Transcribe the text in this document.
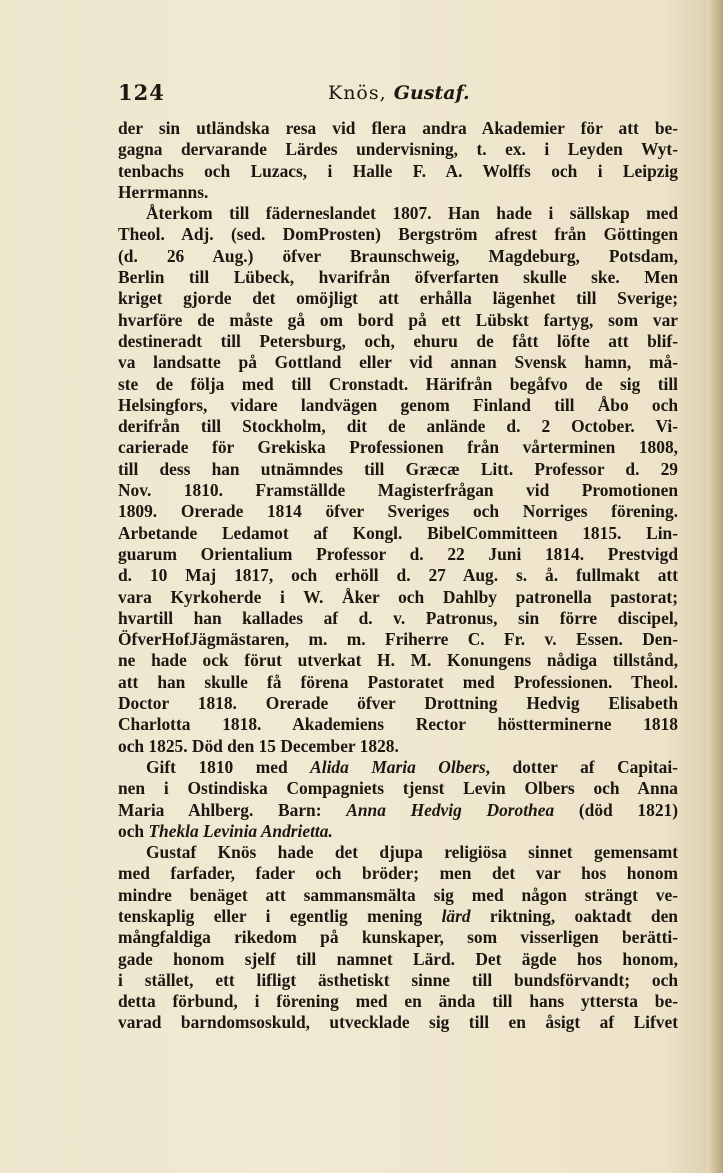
124	Knös, Gustaf.
der sin utländska resa vid flera andra Akademier för att be-
gagna dervarande Lärdes undervisning, t. ex. i Leyden Wyt-
tenbachs och Luzacs, i Halle F. A. Wolffs och i Leipzig
Herrmanns.
Återkom till fäderneslandet 1807. Han hade i sällskap med
Theol. Adj. (sed. DomProsten) Bergström afrest från Göttingen
(d. 26 Aug.) öfver Braunschweig, Magdeburg, Potsdam,
Berlin till Lübeck, hvarifrån öfverfarten skulle ske. Men
kriget gjorde det omöjligt att erhålla lägenhet till Sverige;
hvarföre de måste gå om bord på ett Lübskt fartyg, som var
destineradt till Petersburg, och, ehuru de fått löfte att blif-
va landsatte på Gottland eller vid annan Svensk hamn, må-
ste de följa med till Cronstadt. Härifrån begåfvo de sig till
Helsingfors, vidare landvägen genom Finland till Åbo och
derifrån till Stockholm, dit de anlände d. 2 October. Vi-
carierade för Grekiska Professionen från vårterminen 1808,
till dess han utnämndes till Græcæ Litt. Professor d. 29
Nov. 1810. Framställde Magisterfrågan vid Promotionen
1809. Orerade 1814 öfver Sveriges och Norriges förening.
Arbetande Ledamot af Kongl. BibelCommitteen 1815. Lin-
guarum Orientalium Professor d. 22 Juni 1814. Prestvigd
d. 10 Maj 1817, och erhöll d. 27 Aug. s. å. fullmakt att
vara Kyrkoherde i W. Åker och Dahlby patronella pastorat;
hvartill han kallades af d. v. Patronus, sin förre discipel,
ÖfverHofJägmästaren, m. m. Friherre C. Fr. v. Essen. Den-
ne hade ock förut utverkat H. M. Konungens nådiga tillstånd,
att han skulle få förena Pastoratet med Professionen. Theol.
Doctor 1818. Orerade öfver Drottning Hedvig Elisabeth
Charlotta 1818. Akademiens Rector höstterminerne 1818
och 1825. Död den 15 December 1828.
Gift 1810 med Alida Maria Olbers, dotter af Capitai-
nen i Ostindiska Compagniets tjenst Levin Olbers och Anna
Maria Ahlberg. Barn: Anna Hedvig Dorothea (död 1821)
och Thekla Levinia Andrietta.
Gustaf Knös hade det djupa religiösa sinnet gemensamt
med farfader, fader och bröder; men det var hos honom
mindre benäget att sammansmälta sig med någon strängt ve-
tenskaplig eller i egentlig mening lärd riktning, oaktadt den
mångfaldiga rikedom på kunskaper, som visserligen berätti-
gade honom sjelf till namnet Lärd. Det ägde hos honom,
i stället, ett lifligt ästhetiskt sinne till bundsförvandt; och
detta förbund, i förening med en ända till hans yttersta be-
varad barndomsoskuld, utvecklade sig till en åsigt af Lifvet
